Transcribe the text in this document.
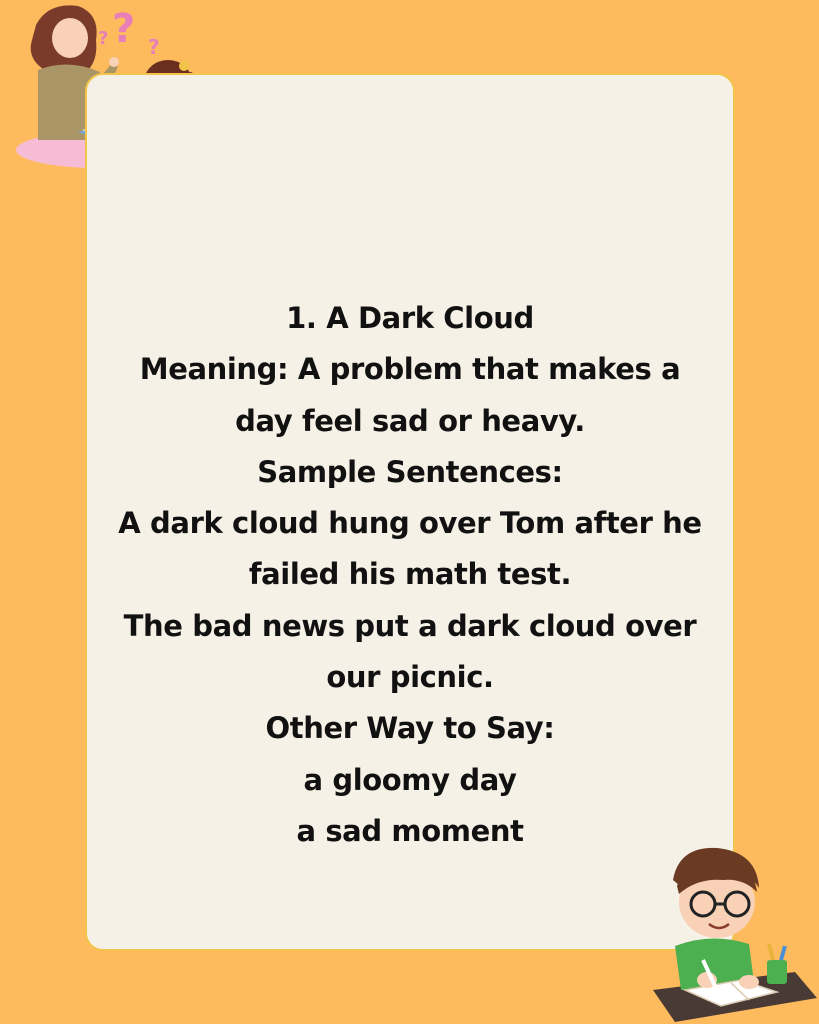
?
? ?
1. A Dark Cloud
Meaning: A problem that makes a
day feel sad or heavy.
Sample Sentences:
A dark cloud hung over Tom after he
failed his math test.
The bad news put a dark cloud over
our picnic.
Other Way to Say:
a gloomy day
a sad moment
